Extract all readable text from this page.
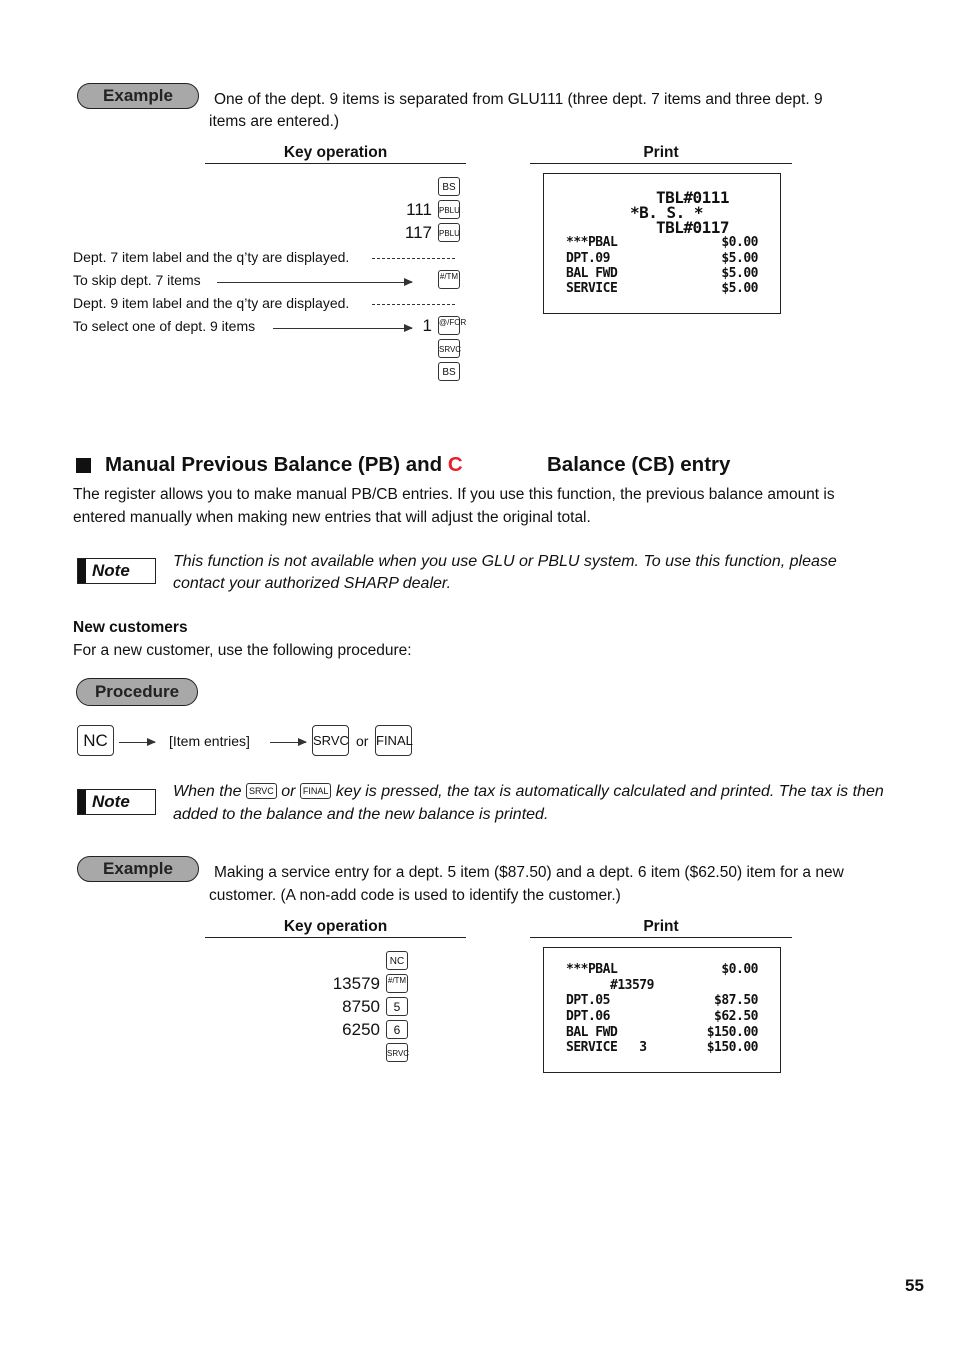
Example	One of the dept. 9 items is separated from GLU111 (three dept. 7 items and three dept. 9
items are entered.)
Key operation	Print
BS
111 PBLU
117 PBLU
Dept. 7 item label and the q’ty are displayed.
To skip dept. 7 items	#/TM
Dept. 9 item label and the q’ty are displayed.
To select one of dept. 9 items	1 @/FOR
SRVC
BS
TBL#0111
*B. S. *
TBL#0117
***PBAL	$0.00
DPT.09	$5.00
BAL FWD	$5.00
SERVICE	$5.00
Manual Previous Balance (PB) and C	Balance (CB) entry
The register allows you to make manual PB/CB entries. If you use this function, the previous balance amount is
entered manually when making new entries that will adjust the original total.
Note	This function is not available when you use GLU or PBLU system. To use this function, please
contact your authorized SHARP dealer.
New customers
For a new customer, use the following procedure:
Procedure
NC	[Item entries]	SRVC or FINAL
Note
When the SRVC or FINAL key is pressed, the tax is automatically calculated and printed. The tax is then
added to the balance and the new balance is printed.
Example	Making a service entry for a dept. 5 item ($87.50) and a dept. 6 item ($62.50) item for a new
customer. (A non-add code is used to identify the customer.)
Key operation	Print
NC
13579 #/TM
8750	5
6250	6
SRVC
***PBAL	$0.00
#13579
DPT.05	$87.50
DPT.06	$62.50
BAL FWD	$150.00
SERVICE   3	$150.00
55
